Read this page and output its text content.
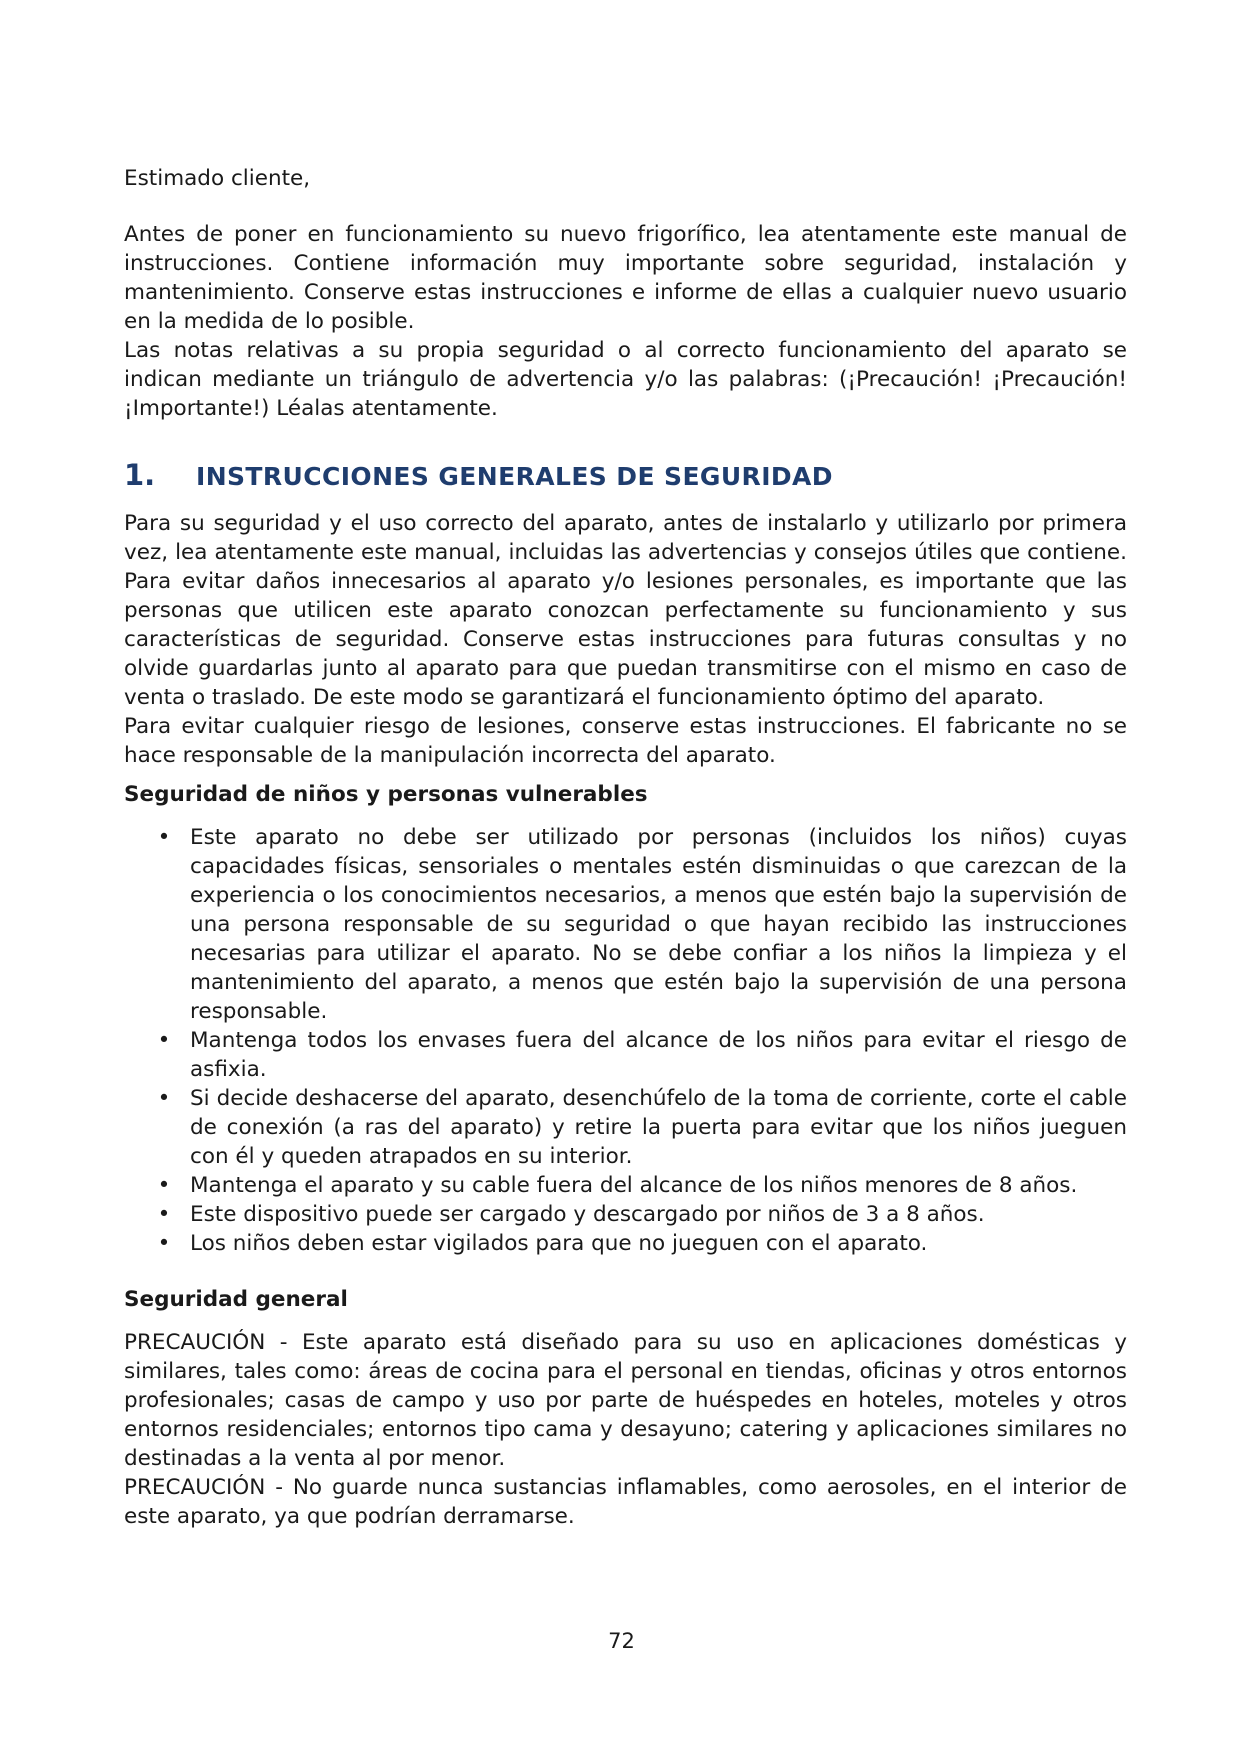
Estimado cliente,

Antes de poner en funcionamiento su nuevo frigorífico, lea atentamente este manual de instrucciones. Contiene información muy importante sobre seguridad, instalación y mantenimiento. Conserve estas instrucciones e informe de ellas a cualquier nuevo usuario en la medida de lo posible.

Las notas relativas a su propia seguridad o al correcto funcionamiento del aparato se indican mediante un triángulo de advertencia y/o las palabras: (¡Precaución! ¡Precaución! ¡Importante!) Léalas atentamente.

1.	INSTRUCCIONES GENERALES DE SEGURIDAD

Para su seguridad y el uso correcto del aparato, antes de instalarlo y utilizarlo por primera vez, lea atentamente este manual, incluidas las advertencias y consejos útiles que contiene. Para evitar daños innecesarios al aparato y/o lesiones personales, es importante que las personas que utilicen este aparato conozcan perfectamente su funcionamiento y sus características de seguridad. Conserve estas instrucciones para futuras consultas y no olvide guardarlas junto al aparato para que puedan transmitirse con el mismo en caso de venta o traslado. De este modo se garantizará el funcionamiento óptimo del aparato.

Para evitar cualquier riesgo de lesiones, conserve estas instrucciones. El fabricante no se hace responsable de la manipulación incorrecta del aparato.

Seguridad de niños y personas vulnerables
• Este aparato no debe ser utilizado por personas (incluidos los niños) cuyas capacidades físicas, sensoriales o mentales estén disminuidas o que carezcan de la experiencia o los conocimientos necesarios, a menos que estén bajo la supervisión de una persona responsable de su seguridad o que hayan recibido las instrucciones necesarias para utilizar el aparato. No se debe confiar a los niños la limpieza y el mantenimiento del aparato, a menos que estén bajo la supervisión de una persona responsable.
• Mantenga todos los envases fuera del alcance de los niños para evitar el riesgo de asfixia.
• Si decide deshacerse del aparato, desenchúfelo de la toma de corriente, corte el cable de conexión (a ras del aparato) y retire la puerta para evitar que los niños jueguen con él y queden atrapados en su interior.
• Mantenga el aparato y su cable fuera del alcance de los niños menores de 8 años.
• Este dispositivo puede ser cargado y descargado por niños de 3 a 8 años.
• Los niños deben estar vigilados para que no jueguen con el aparato.
Seguridad general

PRECAUCIÓN - Este aparato está diseñado para su uso en aplicaciones domésticas y similares, tales como: áreas de cocina para el personal en tiendas, oficinas y otros entornos profesionales; casas de campo y uso por parte de huéspedes en hoteles, moteles y otros entornos residenciales; entornos tipo cama y desayuno; catering y aplicaciones similares no destinadas a la venta al por menor.

PRECAUCIÓN - No guarde nunca sustancias inflamables, como aerosoles, en el interior de este aparato, ya que podrían derramarse.

72
